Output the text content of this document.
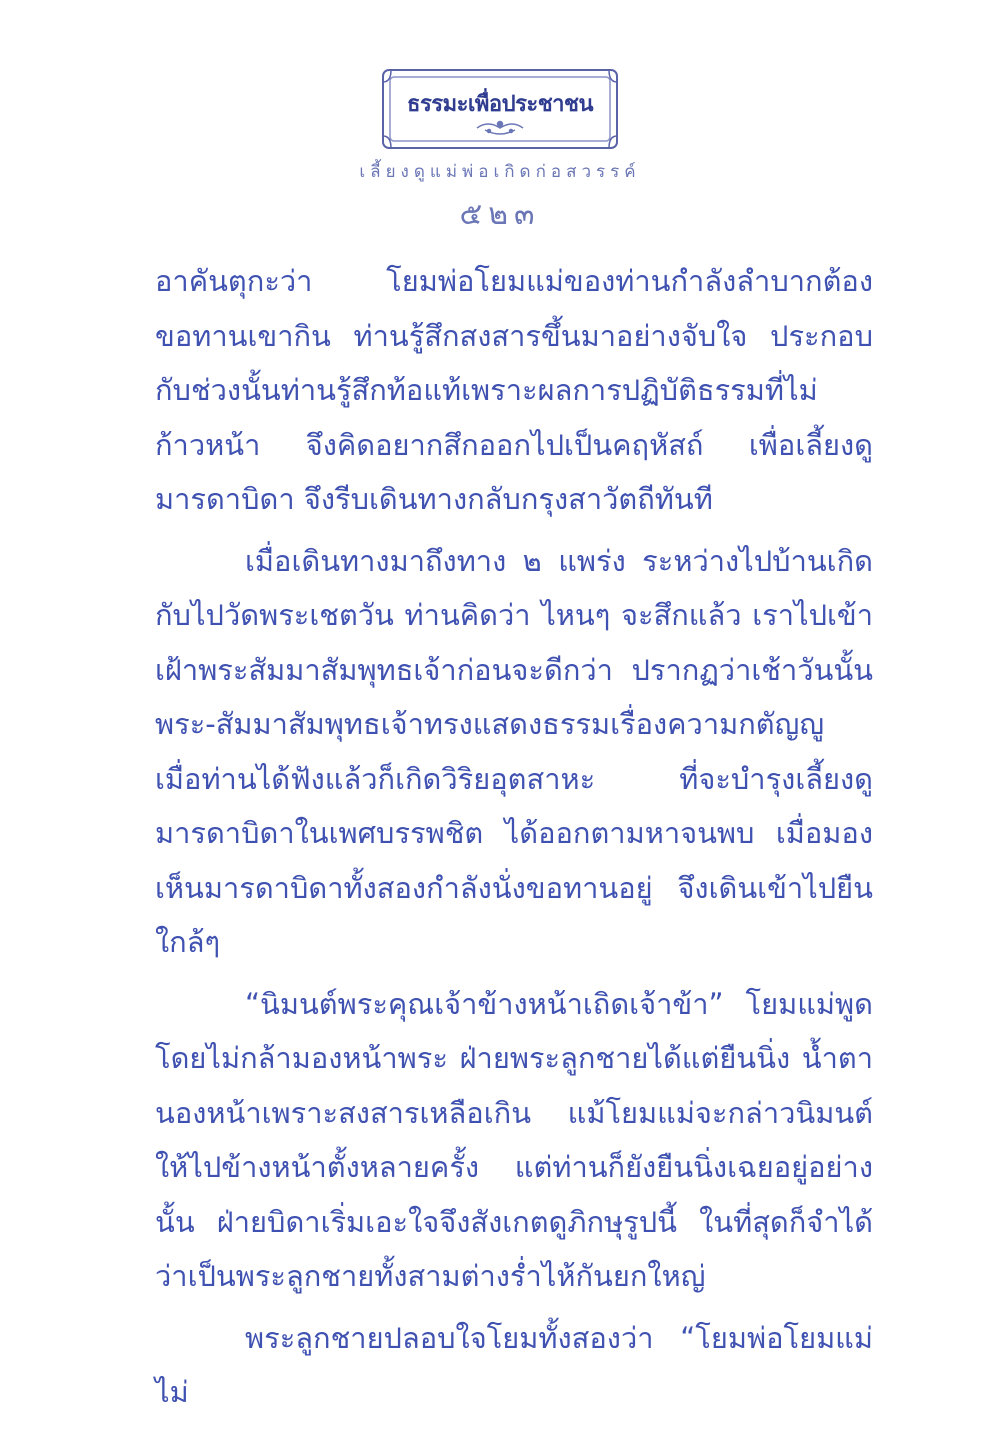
ธรรมะเพื่อประชาชน
เลี้ยงดูแม่พ่อเกิดก่อสวรรค์
๕๒๓

อาคันตุกะว่า โยมพ่อโยมแม่ของท่านกำลังลำบากต้องขอทานเขากิน ท่านรู้สึกสงสารขึ้นมาอย่างจับใจ ประกอบกับช่วงนั้นท่านรู้สึกท้อแท้เพราะผลการปฏิบัติธรรมที่ไม่ก้าวหน้า จึงคิดอยากสึกออกไปเป็นคฤหัสถ์ เพื่อเลี้ยงดูมารดาบิดา จึงรีบเดินทางกลับกรุงสาวัตถีทันที

เมื่อเดินทางมาถึงทาง ๒ แพร่ง ระหว่างไปบ้านเกิดกับไปวัดพระเชตวัน ท่านคิดว่า ไหนๆ จะสึกแล้ว เราไปเข้าเฝ้าพระสัมมาสัมพุทธเจ้าก่อนจะดีกว่า ปรากฏว่าเช้าวันนั้น พระ-สัมมาสัมพุทธเจ้าทรงแสดงธรรมเรื่องความกตัญญู เมื่อท่านได้ฟังแล้วก็เกิดวิริยอุตสาหะ ที่จะบำรุงเลี้ยงดูมารดาบิดาในเพศบรรพชิต ได้ออกตามหาจนพบ เมื่อมองเห็นมารดาบิดาทั้งสองกำลังนั่งขอทานอยู่ จึงเดินเข้าไปยืนใกล้ๆ

“นิมนต์พระคุณเจ้าข้างหน้าเถิดเจ้าข้า” โยมแม่พูดโดยไม่กล้ามองหน้าพระ ฝ่ายพระลูกชายได้แต่ยืนนิ่ง น้ำตานองหน้าเพราะสงสารเหลือเกิน แม้โยมแม่จะกล่าวนิมนต์ให้ไปข้างหน้าตั้งหลายครั้ง แต่ท่านก็ยังยืนนิ่งเฉยอยู่อย่างนั้น ฝ่ายบิดาเริ่มเอะใจจึงสังเกตดูภิกษุรูปนี้ ในที่สุดก็จำได้ว่าเป็นพระลูกชายทั้งสามต่างร่ำไห้กันยกใหญ่

พระลูกชายปลอบใจโยมทั้งสองว่า “โยมพ่อโยมแม่ไม่
